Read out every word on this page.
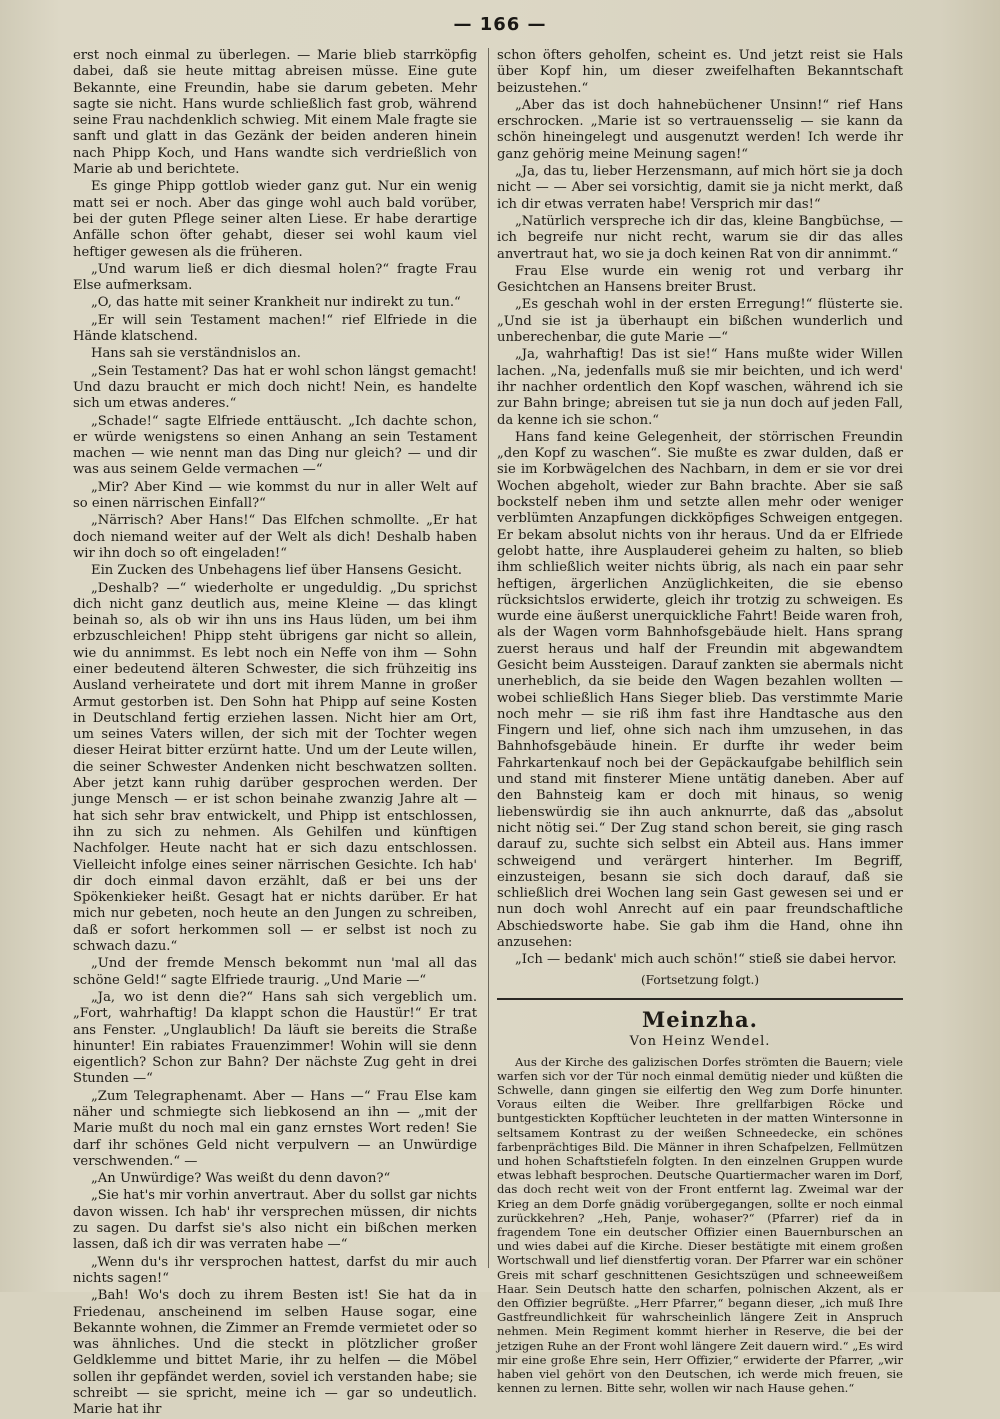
— 166 —

erst noch einmal zu überlegen. — Marie blieb starrköpfig dabei, daß sie heute mittag abreisen müsse. Eine gute Bekannte, eine Freundin, habe sie darum gebeten. Mehr sagte sie nicht. Hans wurde schließlich fast grob, während seine Frau nachdenklich schwieg. Mit einem Male fragte sie sanft und glatt in das Gezänk der beiden anderen hinein nach Phipp Koch, und Hans wandte sich verdrießlich von Marie ab und berichtete.

Es ginge Phipp gottlob wieder ganz gut. Nur ein wenig matt sei er noch. Aber das ginge wohl auch bald vorüber, bei der guten Pflege seiner alten Liese. Er habe derartige Anfälle schon öfter gehabt, dieser sei wohl kaum viel heftiger gewesen als die früheren.

„Und warum ließ er dich diesmal holen?“ fragte Frau Else aufmerksam.

„O, das hatte mit seiner Krankheit nur indirekt zu tun.“

„Er will sein Testament machen!“ rief Elfriede in die Hände klatschend.

Hans sah sie verständnislos an.

„Sein Testament? Das hat er wohl schon längst gemacht! Und dazu braucht er mich doch nicht! Nein, es handelte sich um etwas anderes.“

„Schade!“ sagte Elfriede enttäuscht. „Ich dachte schon, er würde wenigstens so einen Anhang an sein Testament machen — wie nennt man das Ding nur gleich? — und dir was aus seinem Gelde vermachen —“

„Mir? Aber Kind — wie kommst du nur in aller Welt auf so einen närrischen Einfall?“

„Närrisch? Aber Hans!“ Das Elfchen schmollte. „Er hat doch niemand weiter auf der Welt als dich! Deshalb haben wir ihn doch so oft eingeladen!“

Ein Zucken des Unbehagens lief über Hansens Gesicht.

„Deshalb? —“ wiederholte er ungeduldig. „Du sprichst dich nicht ganz deutlich aus, meine Kleine — das klingt beinah so, als ob wir ihn uns ins Haus lüden, um bei ihm erbzuschleichen! Phipp steht übrigens gar nicht so allein, wie du annimmst. Es lebt noch ein Neffe von ihm — Sohn einer bedeutend älteren Schwester, die sich frühzeitig ins Ausland verheiratete und dort mit ihrem Manne in großer Armut gestorben ist. Den Sohn hat Phipp auf seine Kosten in Deutschland fertig erziehen lassen. Nicht hier am Ort, um seines Vaters willen, der sich mit der Tochter wegen dieser Heirat bitter erzürnt hatte. Und um der Leute willen, die seiner Schwester Andenken nicht beschwatzen sollten. Aber jetzt kann ruhig darüber gesprochen werden. Der junge Mensch — er ist schon beinahe zwanzig Jahre alt — hat sich sehr brav entwickelt, und Phipp ist entschlossen, ihn zu sich zu nehmen. Als Gehilfen und künftigen Nachfolger. Heute nacht hat er sich dazu entschlossen. Vielleicht infolge eines seiner närrischen Gesichte. Ich hab' dir doch einmal davon erzählt, daß er bei uns der Spökenkieker heißt. Gesagt hat er nichts darüber. Er hat mich nur gebeten, noch heute an den Jungen zu schreiben, daß er sofort herkommen soll — er selbst ist noch zu schwach dazu.“

„Und der fremde Mensch bekommt nun 'mal all das schöne Geld!“ sagte Elfriede traurig. „Und Marie —“

„Ja, wo ist denn die?“ Hans sah sich vergeblich um. „Fort, wahrhaftig! Da klappt schon die Haustür!“ Er trat ans Fenster. „Unglaublich! Da läuft sie bereits die Straße hinunter! Ein rabiates Frauenzimmer! Wohin will sie denn eigentlich? Schon zur Bahn? Der nächste Zug geht in drei Stunden —“

„Zum Telegraphenamt. Aber — Hans —“ Frau Else kam näher und schmiegte sich liebkosend an ihn — „mit der Marie mußt du noch mal ein ganz ernstes Wort reden! Sie darf ihr schönes Geld nicht verpulvern — an Unwürdige verschwenden.“ —

„An Unwürdige? Was weißt du denn davon?“

„Sie hat's mir vorhin anvertraut. Aber du sollst gar nichts davon wissen. Ich hab' ihr versprechen müssen, dir nichts zu sagen. Du darfst sie's also nicht ein bißchen merken lassen, daß ich dir was verraten habe —“

„Wenn du's ihr versprochen hattest, darfst du mir auch nichts sagen!“

„Bah! Wo's doch zu ihrem Besten ist! Sie hat da in Friedenau, anscheinend im selben Hause sogar, eine Bekannte wohnen, die Zimmer an Fremde vermietet oder so was ähnliches. Und die steckt in plötzlicher großer Geldklemme und bittet Marie, ihr zu helfen — die Möbel sollen ihr gepfändet werden, soviel ich verstanden habe; sie schreibt — sie spricht, meine ich — gar so undeutlich. Marie hat ihr

schon öfters geholfen, scheint es. Und jetzt reist sie Hals über Kopf hin, um dieser zweifelhaften Bekanntschaft beizustehen.“

„Aber das ist doch hahnebüchener Unsinn!“ rief Hans erschrocken. „Marie ist so vertrauensselig — sie kann da schön hineingelegt und ausgenutzt werden! Ich werde ihr ganz gehörig meine Meinung sagen!“

„Ja, das tu, lieber Herzensmann, auf mich hört sie ja doch nicht — — Aber sei vorsichtig, damit sie ja nicht merkt, daß ich dir etwas verraten habe! Versprich mir das!“

„Natürlich verspreche ich dir das, kleine Bangbüchse, — ich begreife nur nicht recht, warum sie dir das alles anvertraut hat, wo sie ja doch keinen Rat von dir annimmt.“

Frau Else wurde ein wenig rot und verbarg ihr Gesichtchen an Hansens breiter Brust.

„Es geschah wohl in der ersten Erregung!“ flüsterte sie. „Und sie ist ja überhaupt ein bißchen wunderlich und unberechenbar, die gute Marie —“

„Ja, wahrhaftig! Das ist sie!“ Hans mußte wider Willen lachen. „Na, jedenfalls muß sie mir beichten, und ich werd' ihr nachher ordentlich den Kopf waschen, während ich sie zur Bahn bringe; abreisen tut sie ja nun doch auf jeden Fall, da kenne ich sie schon.“

Hans fand keine Gelegenheit, der störrischen Freundin „den Kopf zu waschen“. Sie mußte es zwar dulden, daß er sie im Korbwägelchen des Nachbarn, in dem er sie vor drei Wochen abgeholt, wieder zur Bahn brachte. Aber sie saß bockstelf neben ihm und setzte allen mehr oder weniger verblümten Anzapfungen dickköpfiges Schweigen entgegen. Er bekam absolut nichts von ihr heraus. Und da er Elfriede gelobt hatte, ihre Ausplauderei geheim zu halten, so blieb ihm schließlich weiter nichts übrig, als nach ein paar sehr heftigen, ärgerlichen Anzüglichkeiten, die sie ebenso rücksichtslos erwiderte, gleich ihr trotzig zu schweigen. Es wurde eine äußerst unerquickliche Fahrt! Beide waren froh, als der Wagen vorm Bahnhofsgebäude hielt. Hans sprang zuerst heraus und half der Freundin mit abgewandtem Gesicht beim Aussteigen. Darauf zankten sie abermals nicht unerheblich, da sie beide den Wagen bezahlen wollten — wobei schließlich Hans Sieger blieb. Das verstimmte Marie noch mehr — sie riß ihm fast ihre Handtasche aus den Fingern und lief, ohne sich nach ihm umzusehen, in das Bahnhofsgebäude hinein. Er durfte ihr weder beim Fahrkartenkauf noch bei der Gepäckaufgabe behilflich sein und stand mit finsterer Miene untätig daneben. Aber auf den Bahnsteig kam er doch mit hinaus, so wenig liebenswürdig sie ihn auch anknurrte, daß das „absolut nicht nötig sei.“ Der Zug stand schon bereit, sie ging rasch darauf zu, suchte sich selbst ein Abteil aus. Hans immer schweigend und verärgert hinterher. Im Begriff, einzusteigen, besann sie sich doch darauf, daß sie schließlich drei Wochen lang sein Gast gewesen sei und er nun doch wohl Anrecht auf ein paar freundschaftliche Abschiedsworte habe. Sie gab ihm die Hand, ohne ihn anzusehen:

„Ich — bedank' mich auch schön!“ stieß sie dabei hervor.

(Fortsetzung folgt.)

Meinzha.
Von Heinz Wendel.

Aus der Kirche des galizischen Dorfes strömten die Bauern; viele warfen sich vor der Tür noch einmal demütig nieder und küßten die Schwelle, dann gingen sie eilfertig den Weg zum Dorfe hinunter. Voraus eilten die Weiber. Ihre grellfarbigen Röcke und buntgestickten Kopftücher leuchteten in der matten Wintersonne in seltsamem Kontrast zu der weißen Schneedecke, ein schönes farbenprächtiges Bild. Die Männer in ihren Schafpelzen, Fellmützen und hohen Schaftstiefeln folgten. In den einzelnen Gruppen wurde etwas lebhaft besprochen. Deutsche Quartiermacher waren im Dorf, das doch recht weit von der Front entfernt lag. Zweimal war der Krieg an dem Dorfe gnädig vorübergegangen, sollte er noch einmal zurückkehren? „Heh, Panje, wohaser?“ (Pfarrer) rief da in fragendem Tone ein deutscher Offizier einen Bauernburschen an und wies dabei auf die Kirche. Dieser bestätigte mit einem großen Wortschwall und lief dienstfertig voran. Der Pfarrer war ein schöner Greis mit scharf geschnittenen Gesichtszügen und schneeweißem Haar. Sein Deutsch hatte den scharfen, polnischen Akzent, als er den Offizier begrüßte. „Herr Pfarrer,“ begann dieser, „ich muß Ihre Gastfreundlichkeit für wahrscheinlich längere Zeit in Anspruch nehmen. Mein Regiment kommt hierher in Reserve, die bei der jetzigen Ruhe an der Front wohl längere Zeit dauern wird.“ „Es wird mir eine große Ehre sein, Herr Offizier,“ erwiderte der Pfarrer, „wir haben viel gehört von den Deutschen, ich werde mich freuen, sie kennen zu lernen. Bitte sehr, wollen wir nach Hause gehen.“
